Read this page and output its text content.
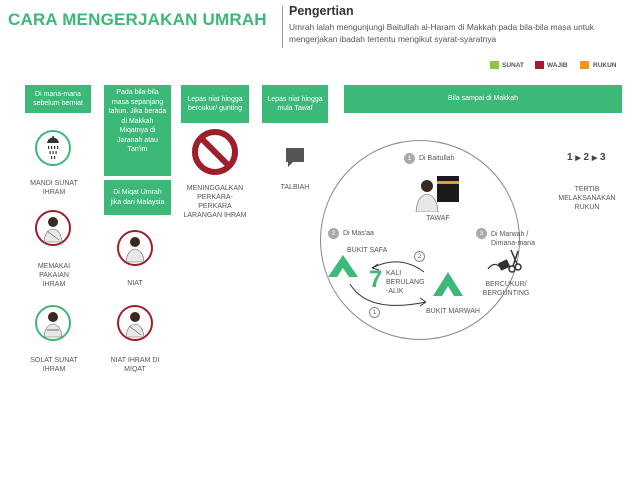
CARA MENGERJAKAN UMRAH Pengertian
Umrah ialah mengunjungi Baitullah al-Haram di Makkah pada bila-bila masa untuk mengerjakan ibadah tertentu mengikut syarat-syaratnya
SUNAT	WAJIB	RUKUN
Di mana-mana sebelum berniat
MANDI SUNAT IHRAM
MEMAKAI PAKAIAN IHRAM
SOLAT SUNAT IHRAM
Pada bila-bila masa sepanjang tahun. Jika berada di Makkah Miqatnya di Jaranah atau Tan'im
Di Miqat Umrah jika dari Malaysia
NIAT
NIAT IHRAM DI MIQAT
Lepas niat hingga bercukur/ gunting
MENINGGALKAN PERKARA- PERKARA LARANGAN IHRAM
Lepas niat hingga mula Tawaf
TALBIAH
Bila sampai di Makkah
1	Di Baitullah
TAWAF
2	Di Mas'aa
BUKIT SAFA
BUKIT MARWAH
2
1
7 KALI BERULANG -ALIK
3	Di Marwah / Dimana-mana
BERCUKUR/ BERGUNTING
1 ▶ 2 ▶ 3
TERTIB MELAKSANAKAN RUKUN
